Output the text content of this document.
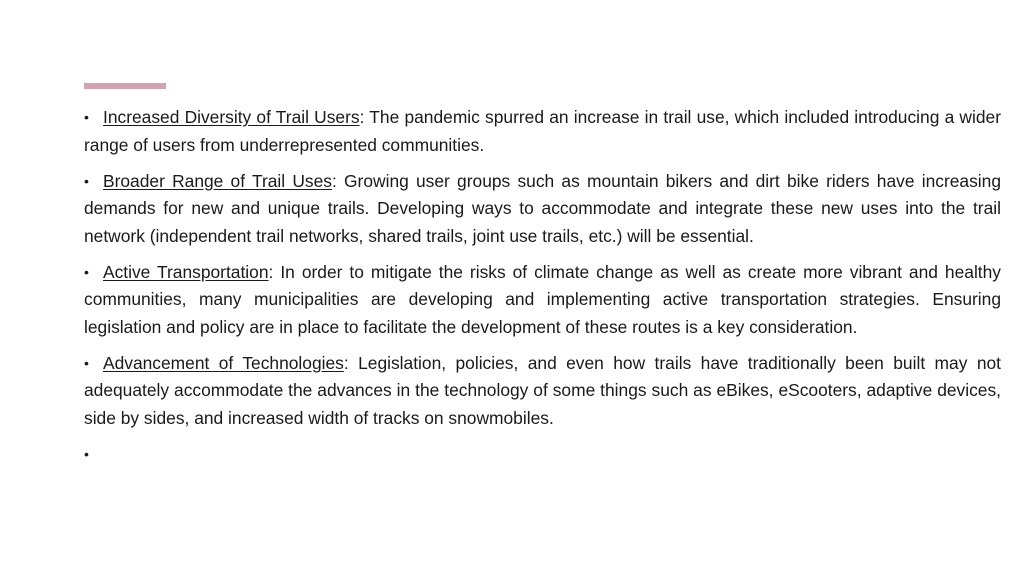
• Increased Diversity of Trail Users: The pandemic spurred an increase in trail use, which included introducing a wider range of users from underrepresented communities.
• Broader Range of Trail Uses: Growing user groups such as mountain bikers and dirt bike riders have increasing demands for new and unique trails. Developing ways to accommodate and integrate these new uses into the trail network (independent trail networks, shared trails, joint use trails, etc.) will be essential.
• Active Transportation: In order to mitigate the risks of climate change as well as create more vibrant and healthy communities, many municipalities are developing and implementing active transportation strategies. Ensuring legislation and policy are in place to facilitate the development of these routes is a key consideration.
• Advancement of Technologies: Legislation, policies, and even how trails have traditionally been built may not adequately accommodate the advances in the technology of some things such as eBikes, eScooters, adaptive devices, side by sides, and increased width of tracks on snowmobiles.
•
